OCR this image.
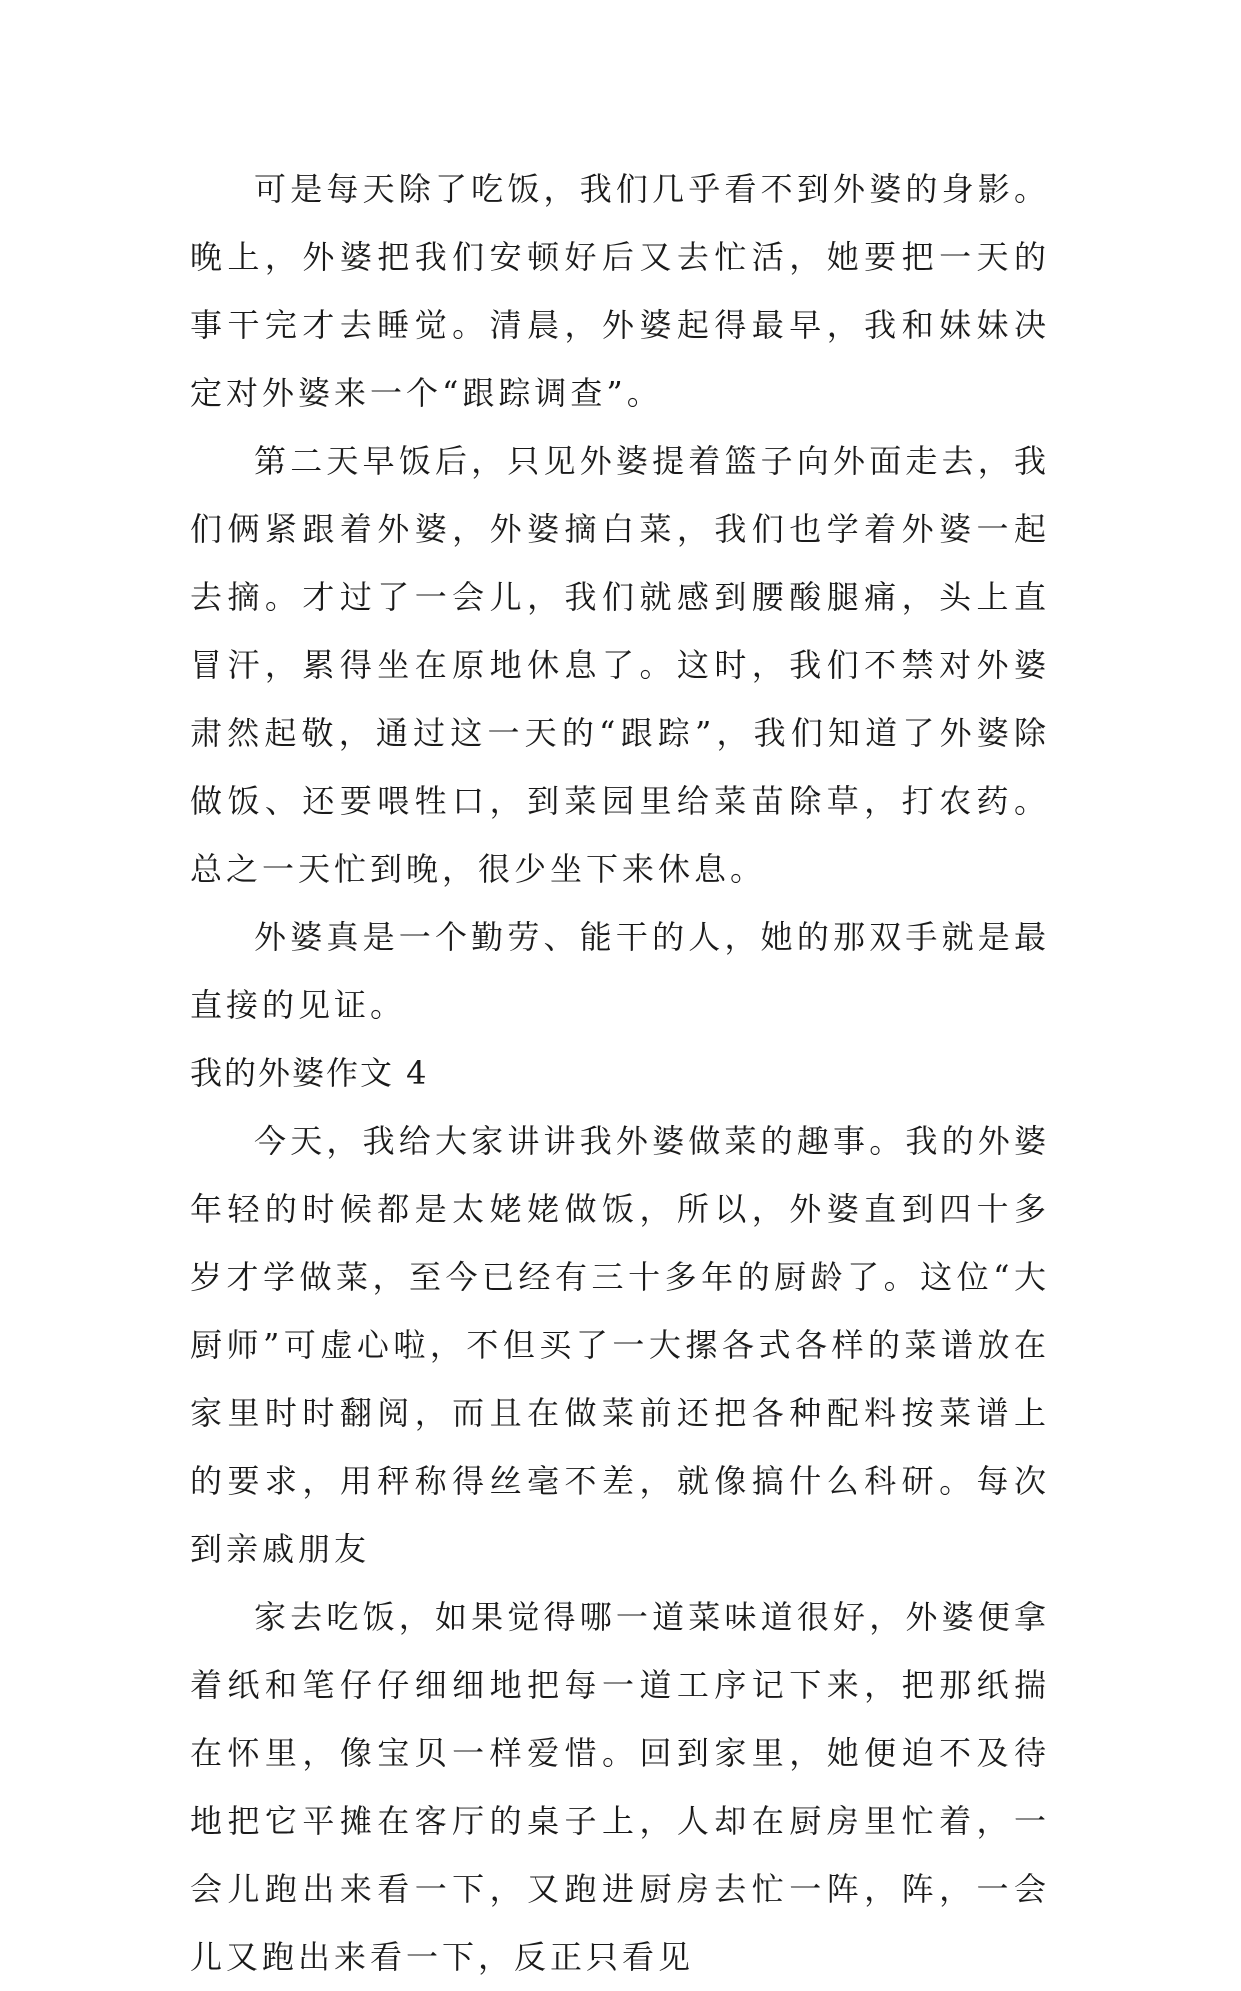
可是每天除了吃饭，我们几乎看不到外婆的身影。晚上，外婆把我们安顿好后又去忙活，她要把一天的事干完才去睡觉。清晨，外婆起得最早，我和妹妹决定对外婆来一个“跟踪调查”。

第二天早饭后，只见外婆提着篮子向外面走去，我们俩紧跟着外婆，外婆摘白菜，我们也学着外婆一起去摘。才过了一会儿，我们就感到腰酸腿痛，头上直冒汗，累得坐在原地休息了。这时，我们不禁对外婆肃然起敬，通过这一天的“跟踪”，我们知道了外婆除做饭、还要喂牲口，到菜园里给菜苗除草，打农药。总之一天忙到晚，很少坐下来休息。

外婆真是一个勤劳、能干的人，她的那双手就是最直接的见证。

我的外婆作文 4

今天，我给大家讲讲我外婆做菜的趣事。我的外婆年轻的时候都是太姥姥做饭，所以，外婆直到四十多岁才学做菜，至今已经有三十多年的厨龄了。这位“大厨师”可虚心啦，不但买了一大摞各式各样的菜谱放在家里时时翻阅，而且在做菜前还把各种配料按菜谱上的要求，用秤称得丝毫不差，就像搞什么科研。每次到亲戚朋友

家去吃饭，如果觉得哪一道菜味道很好，外婆便拿着纸和笔仔仔细细地把每一道工序记下来，把那纸揣在怀里，像宝贝一样爱惜。回到家里，她便迫不及待地把它平摊在客厅的桌子上，人却在厨房里忙着，一会儿跑出来看一下，又跑进厨房去忙一阵，阵，一会儿又跑出来看一下，反正只看见
